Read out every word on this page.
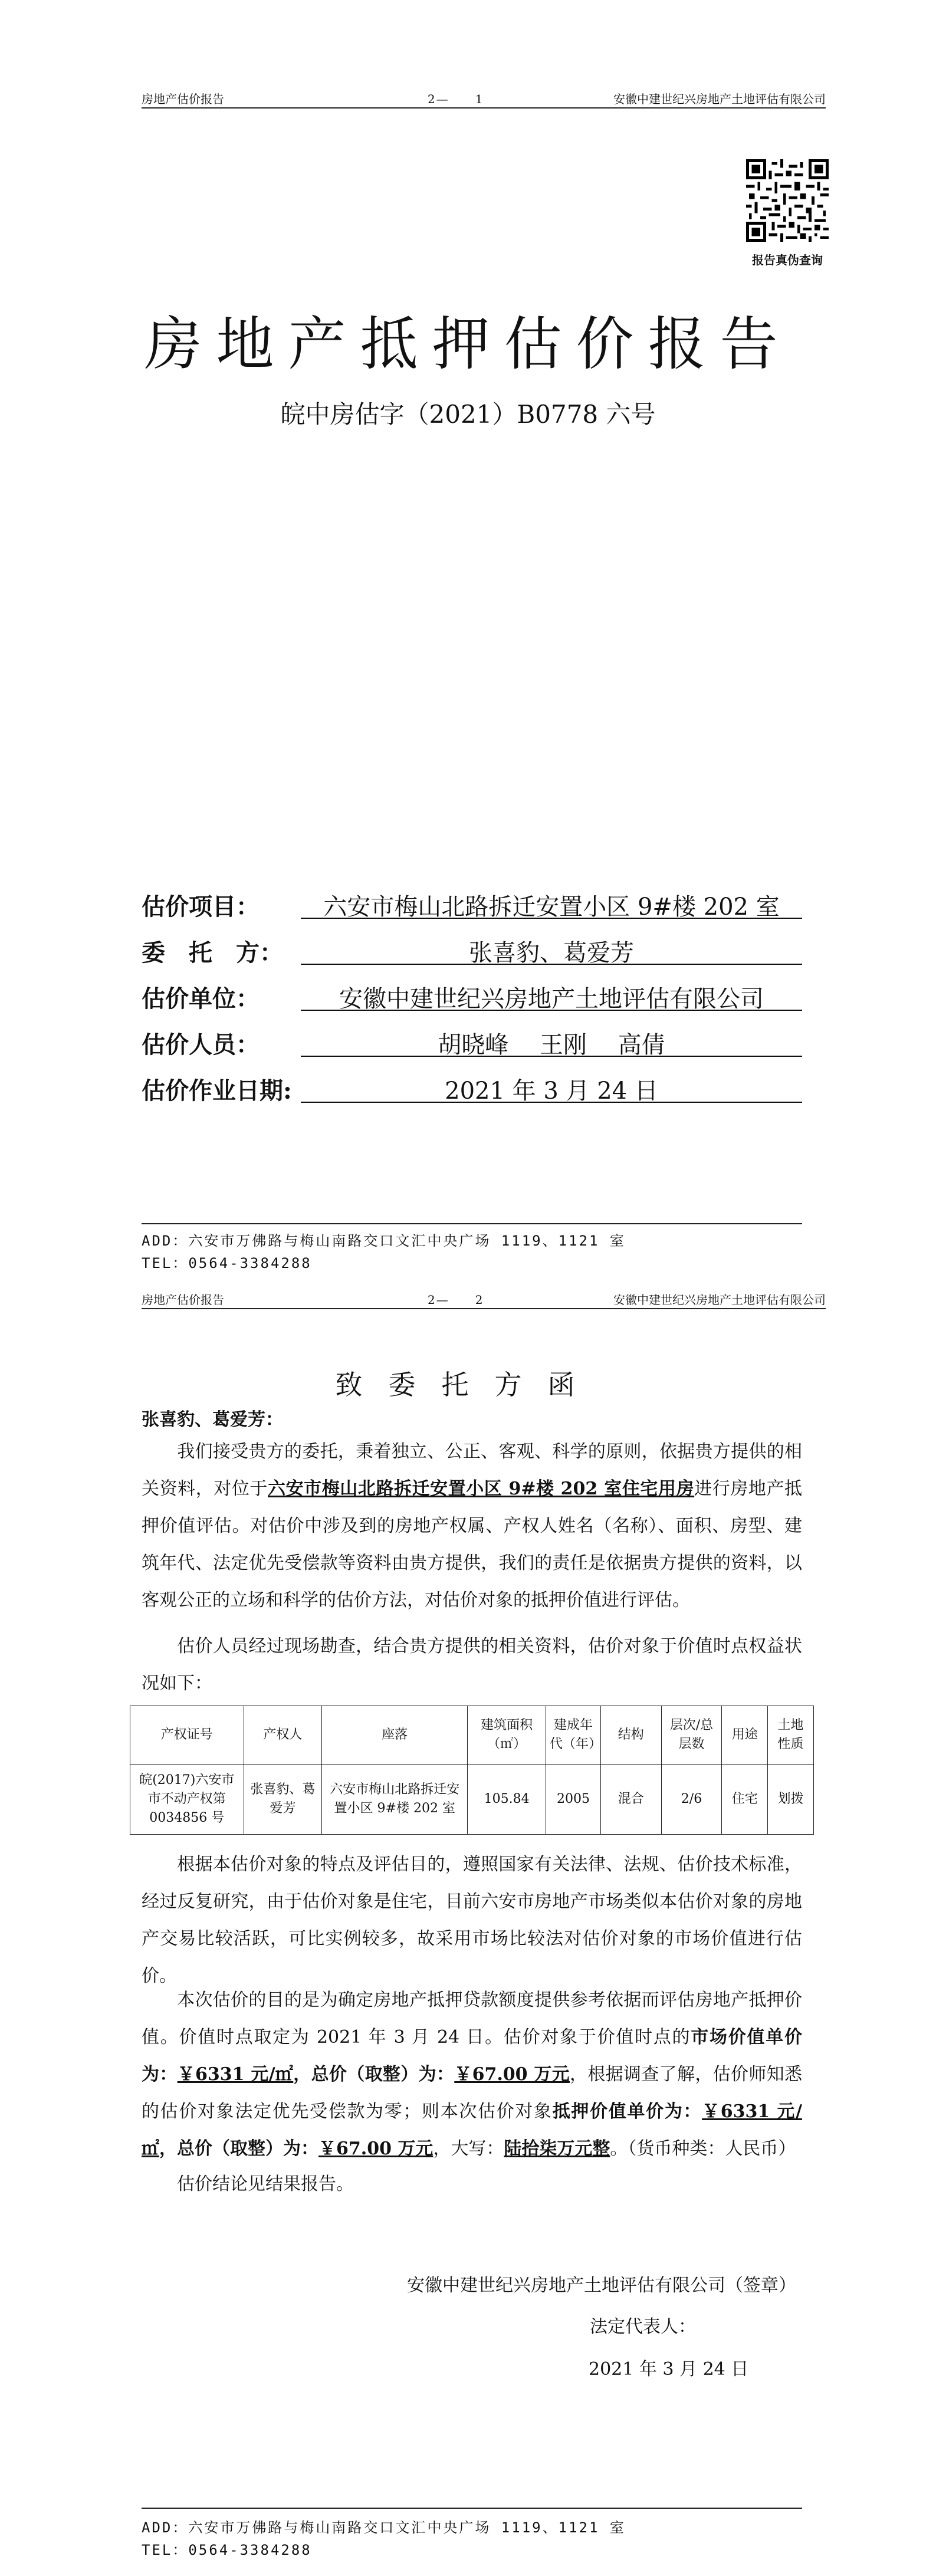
房地产估价报告	2—　　1	安徽中建世纪兴房地产土地评估有限公司
报告真伪查询
房地产抵押估价报告
皖中房估字（2021）B0778 六号
估价项目：	六安市梅山北路拆迁安置小区 9#楼 202 室
委　托　方：	张喜豹、葛爱芳
估价单位：	安徽中建世纪兴房地产土地评估有限公司
估价人员：	胡晓峰　 王刚　 高倩
估价作业日期:	2021 年 3 月 24 日
ADD：六安市万佛路与梅山南路交口文汇中央广场 1119、1121 室
TEL：0564-3384288
房地产估价报告	2—　　2	安徽中建世纪兴房地产土地评估有限公司
致委托方函
张喜豹、葛爱芳：
我们接受贵方的委托，秉着独立、公正、客观、科学的原则，依据贵方提供的相关资料，对位于六安市梅山北路拆迁安置小区 9#楼 202 室住宅用房进行房地产抵押价值评估。对估价中涉及到的房地产权属、产权人姓名（名称）、面积、房型、建筑年代、法定优先受偿款等资料由贵方提供，我们的责任是依据贵方提供的资料，以客观公正的立场和科学的估价方法，对估价对象的抵押价值进行评估。
估价人员经过现场勘查，结合贵方提供的相关资料，估价对象于价值时点权益状况如下：
产权证号	产权人	座落	建筑面积（㎡）	建成年代（年）	结构	层次/总层数	用途	土地性质
皖(2017)六安市市不动产权第 0034856 号	张喜豹、葛爱芳	六安市梅山北路拆迁安置小区 9#楼 202 室	105.84	2005	混合	2/6	住宅	划拨
根据本估价对象的特点及评估目的，遵照国家有关法律、法规、估价技术标准，经过反复研究，由于估价对象是住宅，目前六安市房地产市场类似本估价对象的房地产交易比较活跃，可比实例较多，故采用市场比较法对估价对象的市场价值进行估价。
本次估价的目的是为确定房地产抵押贷款额度提供参考依据而评估房地产抵押价值。价值时点取定为 2021 年 3 月 24 日。估价对象于价值时点的市场价值单价为：￥6331 元/㎡，总价（取整）为：￥67.00 万元，根据调查了解，估价师知悉的估价对象法定优先受偿款为零；则本次估价对象抵押价值单价为：￥6331 元/㎡，总价（取整）为：￥67.00 万元，大写：陆拾柒万元整。（货币种类：人民币）
估价结论见结果报告。
安徽中建世纪兴房地产土地评估有限公司（签章）
法定代表人：
2021 年 3 月 24 日
ADD：六安市万佛路与梅山南路交口文汇中央广场 1119、1121 室
TEL：0564-3384288
